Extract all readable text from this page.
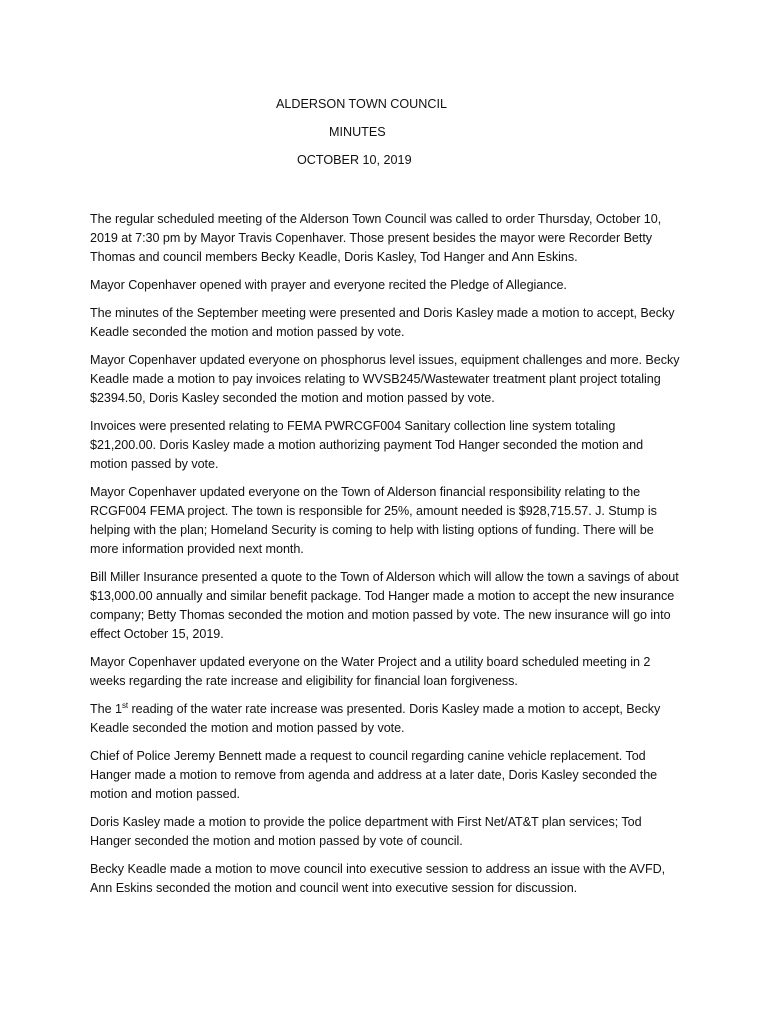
ALDERSON TOWN COUNCIL
MINUTES
OCTOBER 10, 2019

The regular scheduled meeting of the Alderson Town Council was called to order Thursday, October 10, 2019 at 7:30 pm by Mayor Travis Copenhaver. Those present besides the mayor were Recorder Betty Thomas and council members Becky Keadle, Doris Kasley, Tod Hanger and Ann Eskins.

Mayor Copenhaver opened with prayer and everyone recited the Pledge of Allegiance.

The minutes of the September meeting were presented and Doris Kasley made a motion to accept, Becky Keadle seconded the motion and motion passed by vote.

Mayor Copenhaver updated everyone on phosphorus level issues, equipment challenges and more. Becky Keadle made a motion to pay invoices relating to WVSB245/Wastewater treatment plant project totaling $2394.50, Doris Kasley seconded the motion and motion passed by vote.

Invoices were presented relating to FEMA PWRCGF004 Sanitary collection line system totaling $21,200.00. Doris Kasley made a motion authorizing payment Tod Hanger seconded the motion and motion passed by vote.

Mayor Copenhaver updated everyone on the Town of Alderson financial responsibility relating to the RCGF004 FEMA project. The town is responsible for 25%, amount needed is $928,715.57. J. Stump is helping with the plan; Homeland Security is coming to help with listing options of funding. There will be more information provided next month.

Bill Miller Insurance presented a quote to the Town of Alderson which will allow the town a savings of about $13,000.00 annually and similar benefit package. Tod Hanger made a motion to accept the new insurance company; Betty Thomas seconded the motion and motion passed by vote. The new insurance will go into effect October 15, 2019.

Mayor Copenhaver updated everyone on the Water Project and a utility board scheduled meeting in 2 weeks regarding the rate increase and eligibility for financial loan forgiveness.

The 1st reading of the water rate increase was presented. Doris Kasley made a motion to accept, Becky Keadle seconded the motion and motion passed by vote.

Chief of Police Jeremy Bennett made a request to council regarding canine vehicle replacement. Tod Hanger made a motion to remove from agenda and address at a later date, Doris Kasley seconded the motion and motion passed.

Doris Kasley made a motion to provide the police department with First Net/AT&T plan services; Tod Hanger seconded the motion and motion passed by vote of council.

Becky Keadle made a motion to move council into executive session to address an issue with the AVFD, Ann Eskins seconded the motion and council went into executive session for discussion.
